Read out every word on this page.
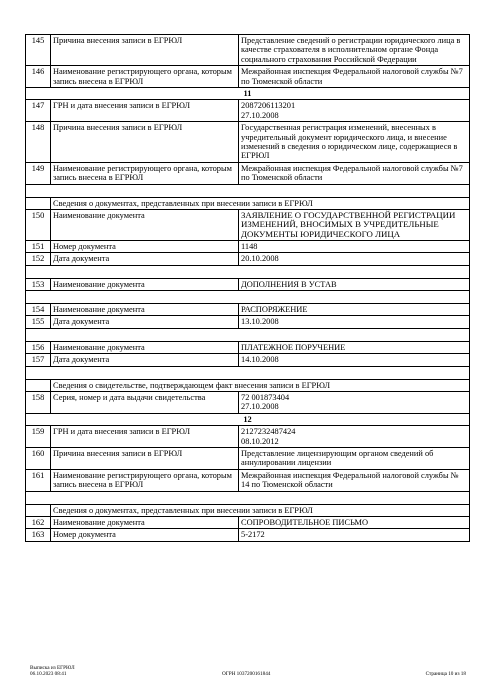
145	Причина внесения записи в ЕГРЮЛ	Представление сведений о регистрации юридического лица в качестве страхователя в исполнительном органе Фонда социального страхования Российской Федерации
146	Наименование регистрирующего органа, которым запись внесена в ЕГРЮЛ	Межрайонная инспекция Федеральной налоговой службы №7 по Тюменской области
11		
147	ГРН и дата внесения записи в ЕГРЮЛ	2087206113201
27.10.2008
148	Причина внесения записи в ЕГРЮЛ	Государственная регистрация изменений, внесенных в учредительный документ юридического лица, и внесение изменений в сведения о юридическом лице, содержащиеся в ЕГРЮЛ
149	Наименование регистрирующего органа, которым запись внесена в ЕГРЮЛ	Межрайонная инспекция Федеральной налоговой службы №7 по Тюменской области

	Сведения о документах, представленных при внесении записи в ЕГРЮЛ	
150	Наименование документа	ЗАЯВЛЕНИЕ О ГОСУДАРСТВЕННОЙ РЕГИСТРАЦИИ ИЗМЕНЕНИЙ, ВНОСИМЫХ В УЧРЕДИТЕЛЬНЫЕ ДОКУМЕНТЫ ЮРИДИЧЕСКОГО ЛИЦА
151	Номер документа	1148
152	Дата документа	20.10.2008

153	Наименование документа	ДОПОЛНЕНИЯ В УСТАВ

154	Наименование документа	РАСПОРЯЖЕНИЕ
155	Дата документа	13.10.2008

156	Наименование документа	ПЛАТЕЖНОЕ ПОРУЧЕНИЕ
157	Дата документа	14.10.2008

	Сведения о свидетельстве, подтверждающем факт внесения записи в ЕГРЮЛ	
158	Серия, номер и дата выдачи свидетельства	72 001873404
27.10.2008
12		
159	ГРН и дата внесения записи в ЕГРЮЛ	2127232487424
08.10.2012
160	Причина внесения записи в ЕГРЮЛ	Представление лицензирующим органом сведений об аннулировании лицензии
161	Наименование регистрирующего органа, которым запись внесена в ЕГРЮЛ	Межрайонная инспекция Федеральной налоговой службы № 14 по Тюменской области

	Сведения о документах, представленных при внесении записи в ЕГРЮЛ	
162	Наименование документа	СОПРОВОДИТЕЛЬНОЕ ПИСЬМО
163	Номер документа	5-2172
Выписка из ЕГРЮЛ
06.10.2023 08:41	ОГРН 1037200161844	Страница 10 из 18
